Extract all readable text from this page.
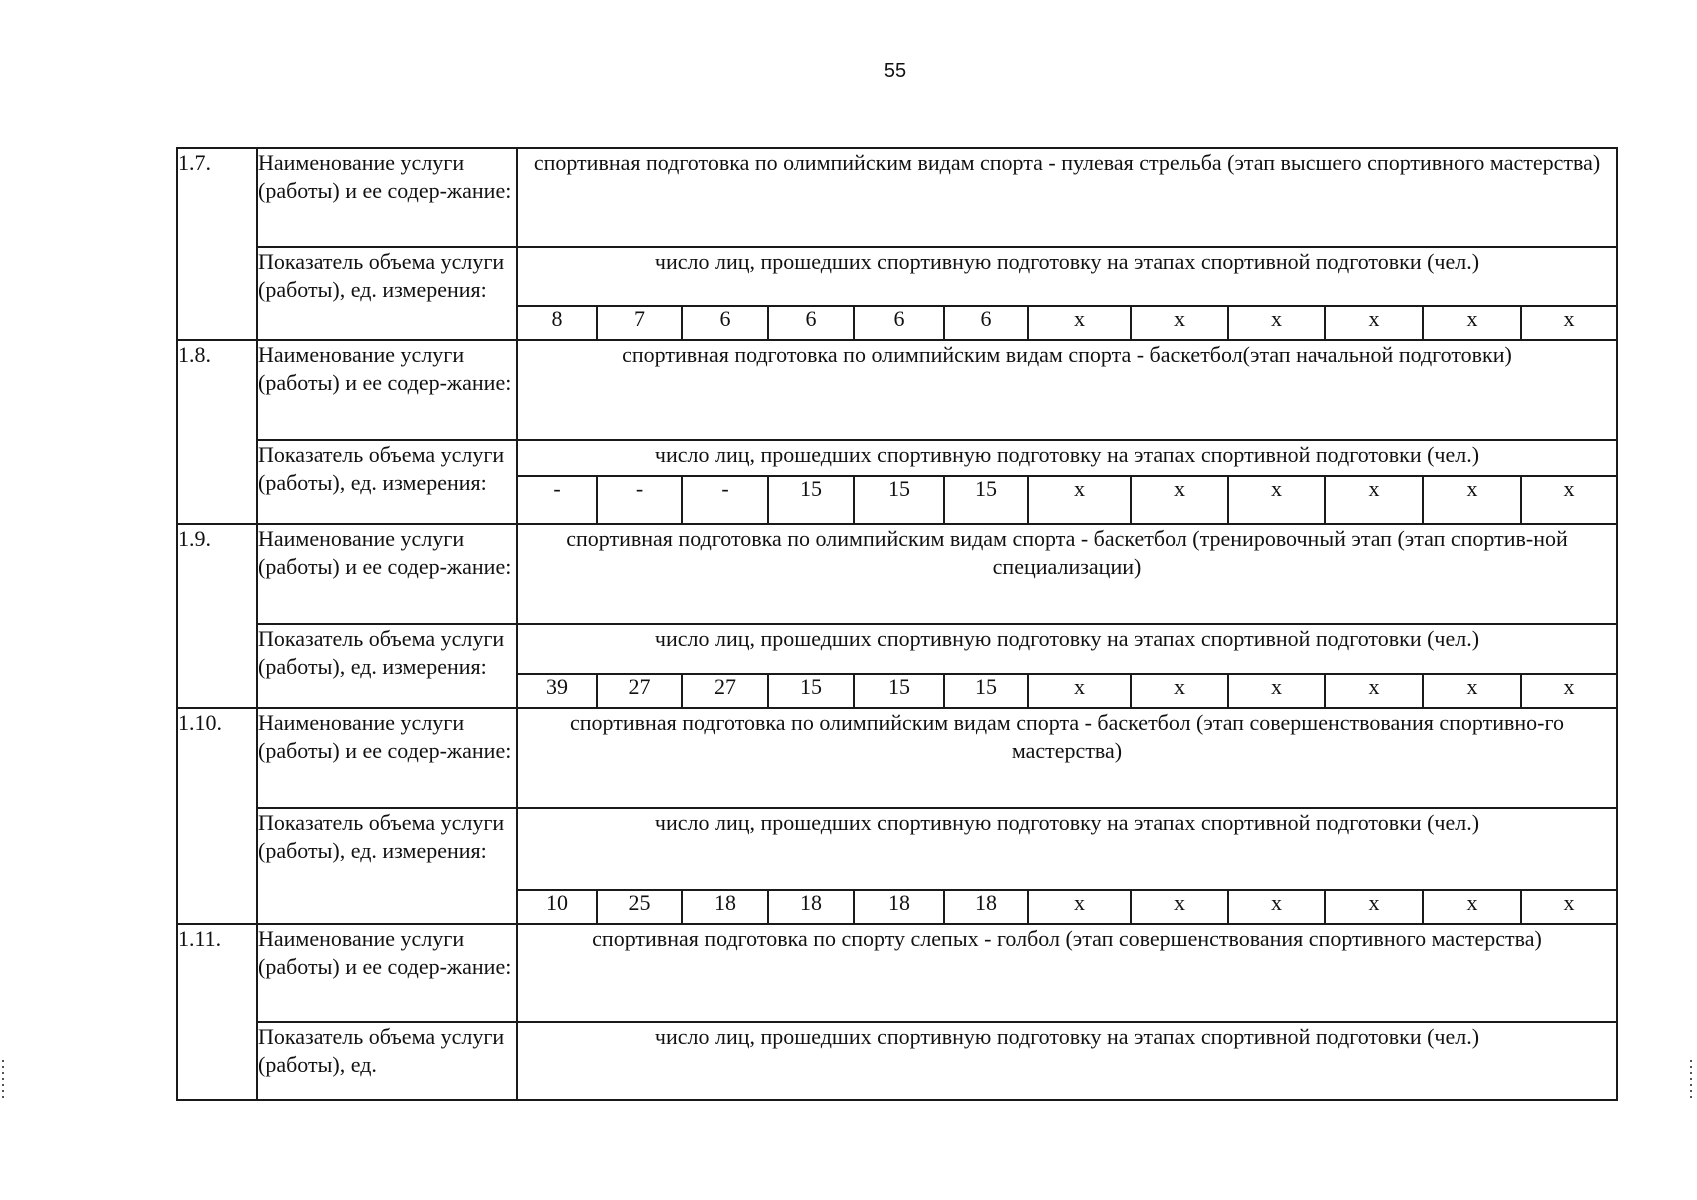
55
1.7.	Наименование услуги (работы) и ее содер-жание:	спортивная подготовка по олимпийским видам спорта - пулевая стрельба (этап высшего спортивного мастерства)											
	Показатель объема услуги (работы), ед. измерения:	число лиц, прошедших спортивную подготовку на этапах спортивной подготовки (чел.)											
		8	7	6	6	6	6	х	х	х	х	х	х
1.8.	Наименование услуги (работы) и ее содер-жание:	спортивная подготовка по олимпийским видам спорта - баскетбол(этап начальной подготовки)											
	Показатель объема услуги (работы), ед. измерения:	число лиц, прошедших спортивную подготовку на этапах спортивной подготовки (чел.)											
		-	-	-	15	15	15	х	х	х	х	х	х
1.9.	Наименование услуги (работы) и ее содер-жание:	спортивная подготовка по олимпийским видам спорта - баскетбол (тренировочный этап (этап спортив-ной специализации)											
	Показатель объема услуги (работы), ед. измерения:	число лиц, прошедших спортивную подготовку на этапах спортивной подготовки (чел.)											
		39	27	27	15	15	15	х	х	х	х	х	х
1.10.	Наименование услуги (работы) и ее содер-жание:	спортивная подготовка по олимпийским видам спорта - баскетбол (этап совершенствования спортивно-го мастерства)											
	Показатель объема услуги (работы), ед. измерения:	число лиц, прошедших спортивную подготовку на этапах спортивной подготовки (чел.)											
		10	25	18	18	18	18	х	х	х	х	х	х
1.11.	Наименование услуги (работы) и ее содер-жание:	спортивная подготовка по спорту слепых - голбол (этап совершенствования спортивного мастерства)											
	Показатель объема услуги (работы), ед.	число лиц, прошедших спортивную подготовку на этапах спортивной подготовки (чел.)											
